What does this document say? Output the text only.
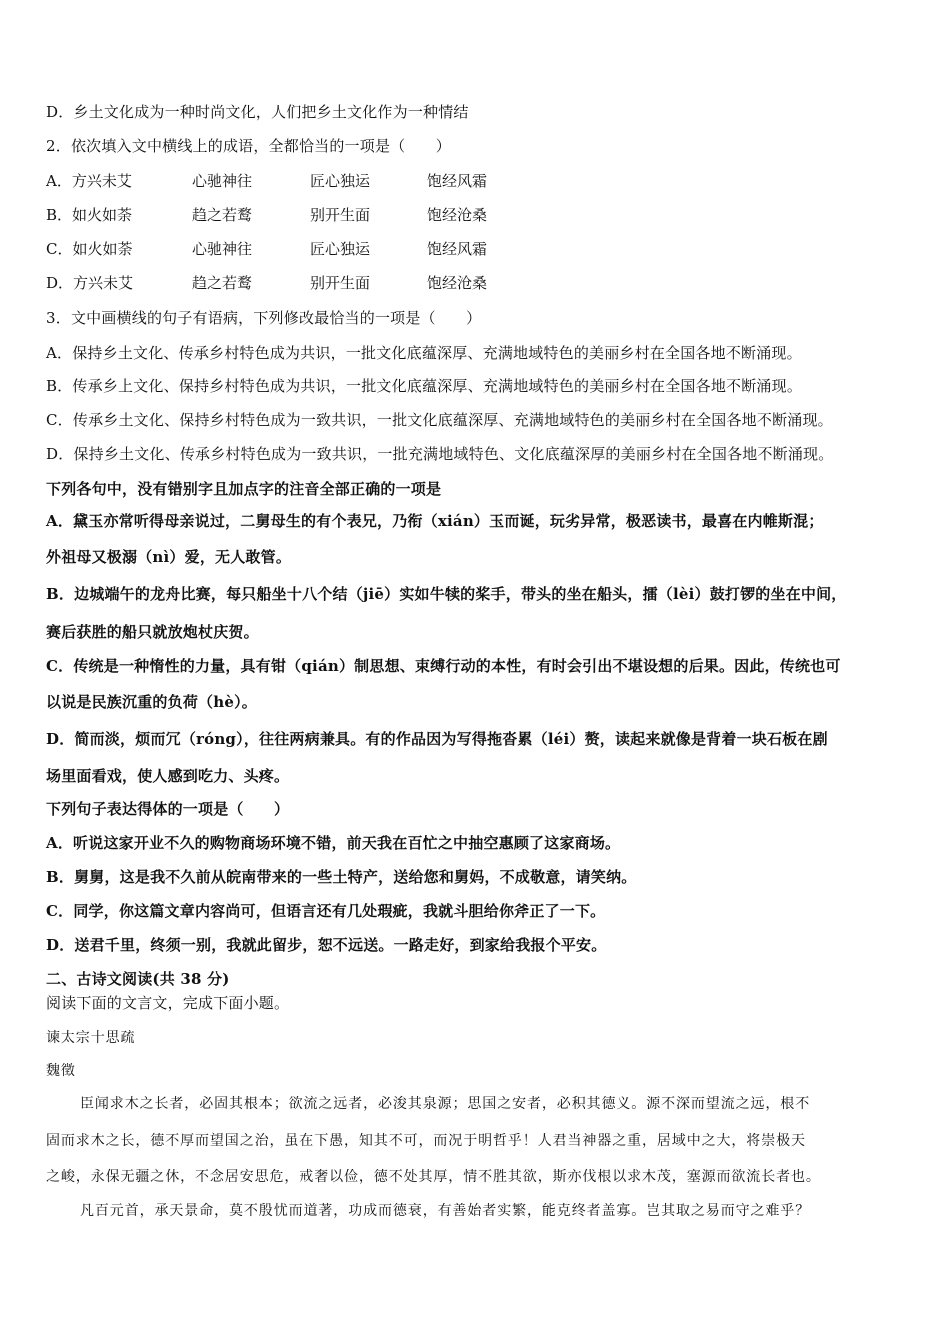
D．乡土文化成为一种时尚文化，人们把乡土文化作为一种情结

2．依次填入文中横线上的成语，全都恰当的一项是（　　）

A．方兴未艾	心驰神往	匠心独运	饱经风霜
B．如火如荼	趋之若鹜	别开生面	饱经沧桑
C．如火如荼	心驰神往	匠心独运	饱经风霜
D．方兴未艾	趋之若鹜	别开生面	饱经沧桑

3．文中画横线的句子有语病，下列修改最恰当的一项是（　　）

A．保持乡土文化、传承乡村特色成为共识，一批文化底蕴深厚、充满地域特色的美丽乡村在全国各地不断涌现。

B．传承乡上文化、保持乡村特色成为共识，一批文化底蕴深厚、充满地域特色的美丽乡村在全国各地不断涌现。

C．传承乡土文化、保持乡村特色成为一致共识，一批文化底蕴深厚、充满地域特色的美丽乡村在全国各地不断涌现。

D．保持乡土文化、传承乡村特色成为一致共识，一批充满地域特色、文化底蕴深厚的美丽乡村在全国各地不断涌现。

下列各句中，没有错别字且加点字的注音全部正确的一项是

A．黛玉亦常听得母亲说过，二舅母生的有个表兄，乃衔（xián）玉而诞，玩劣异常，极恶读书，最喜在内帷斯混；

外祖母又极溺（nì）爱，无人敢管。

B．边城端午的龙舟比赛，每只船坐十八个结（jiē）实如牛犊的桨手，带头的坐在船头，擂（lèi）鼓打锣的坐在中间，

赛后获胜的船只就放炮杖庆贺。

C．传统是一种惰性的力量，具有钳（qián）制思想、束缚行动的本性，有时会引出不堪设想的后果。因此，传统也可

以说是民族沉重的负荷（hè）。

D．简而淡，烦而冗（róng），往往两病兼具。有的作品因为写得拖沓累（léi）赘，读起来就像是背着一块石板在剧

场里面看戏，使人感到吃力、头疼。

下列句子表达得体的一项是（　　）

A．听说这家开业不久的购物商场环境不错，前天我在百忙之中抽空惠顾了这家商场。

B．舅舅，这是我不久前从皖南带来的一些土特产，送给您和舅妈，不成敬意，请笑纳。

C．同学，你这篇文章内容尚可，但语言还有几处瑕疵，我就斗胆给你斧正了一下。

D．送君千里，终须一别，我就此留步，恕不远送。一路走好，到家给我报个平安。

二、古诗文阅读(共 38 分)

阅读下面的文言文，完成下面小题。

谏太宗十思疏

魏徵

臣闻求木之长者，必固其根本；欲流之远者，必浚其泉源；思国之安者，必积其德义。源不深而望流之远，根不

固而求木之长，德不厚而望国之治，虽在下愚，知其不可，而况于明哲乎！人君当神器之重，居域中之大，将崇极天

之峻，永保无疆之休，不念居安思危，戒奢以俭，德不处其厚，情不胜其欲，斯亦伐根以求木茂，塞源而欲流长者也。

凡百元首，承天景命，莫不殷忧而道著，功成而德衰，有善始者实繁，能克终者盖寡。岂其取之易而守之难乎？
